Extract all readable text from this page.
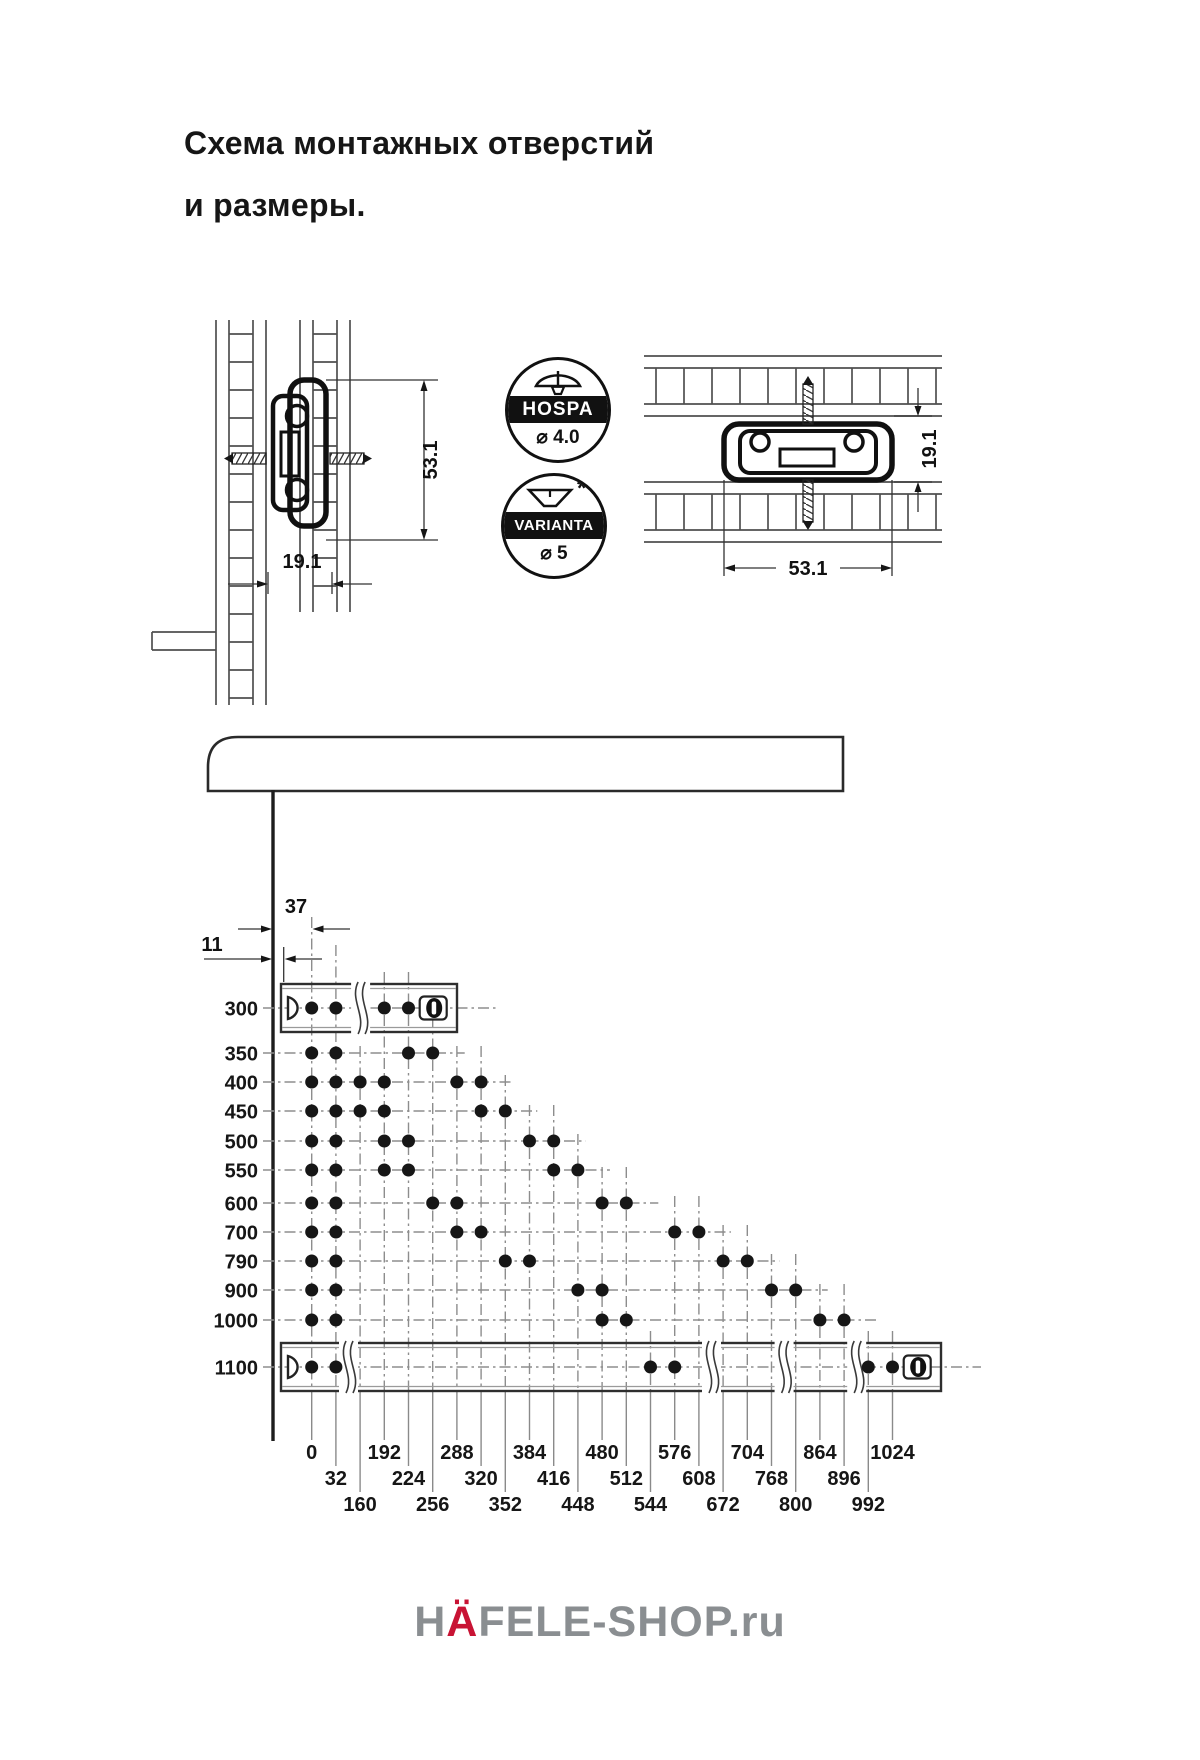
Схема монтажных отверстий
и размеры.
53.1
19.1
HOSPA
⌀ 4.0
*
VARIANTA
⌀ 5
19.1
53.1
37
11
0
32
160
192
224
256
288
320
352
384
416
448
480
512
544
576
608
672
704
768
800
864
896
992
1024
300
350
400
450
500
550
600
700
790
900
1000
1100
HÄFELE-SHOP.ru
